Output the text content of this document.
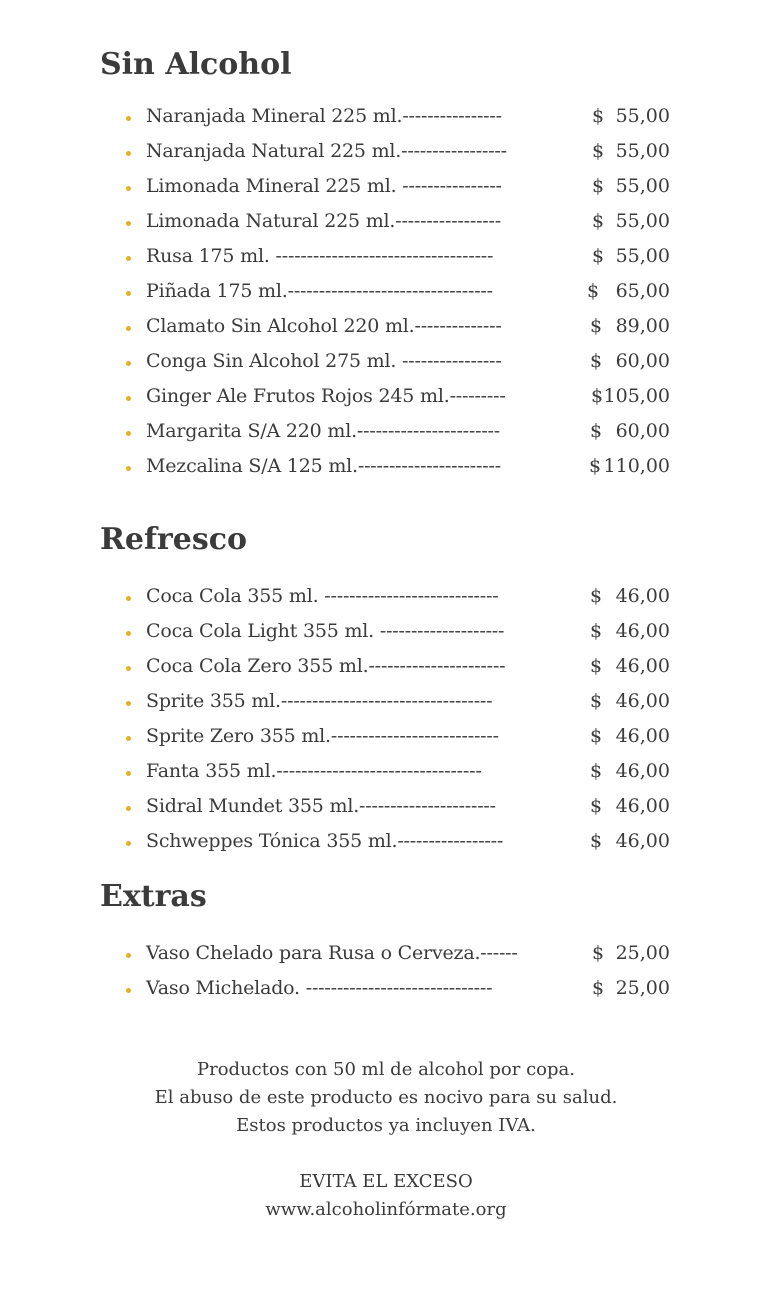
Sin Alcohol
Naranjada Mineral 225 ml.----------------	$ 55,00
Naranjada Natural 225 ml.-----------------	$ 55,00
Limonada Mineral 225 ml. ----------------	$ 55,00
Limonada Natural 225 ml.-----------------	$ 55,00
Rusa 175 ml. -----------------------------------	$ 55,00
Piñada 175 ml.---------------------------------	$ 65,00
Clamato Sin Alcohol 220 ml.--------------	$ 89,00
Conga Sin Alcohol 275 ml. ----------------	$ 60,00
Ginger Ale Frutos Rojos 245 ml.---------	$ 105,00
Margarita S/A 220 ml.-----------------------	$ 60,00
Mezcalina S/A 125 ml.-----------------------	$ 110,00
Refresco
Coca Cola 355 ml. ----------------------------	$ 46,00
Coca Cola Light 355 ml. --------------------	$ 46,00
Coca Cola Zero 355 ml.----------------------	$ 46,00
Sprite 355 ml.----------------------------------	$ 46,00
Sprite Zero 355 ml.---------------------------	$ 46,00
Fanta 355 ml.---------------------------------	$ 46,00
Sidral Mundet 355 ml.----------------------	$ 46,00
Schweppes Tónica 355 ml.-----------------	$ 46,00
Extras
Vaso Chelado para Rusa o Cerveza.------	$ 25,00
Vaso Michelado. ------------------------------	$ 25,00
Productos con 50 ml de alcohol por copa.
El abuso de este producto es nocivo para su salud.
Estos productos ya incluyen IVA.
EVITA EL EXCESO
www.alcoholinfórmate.org
